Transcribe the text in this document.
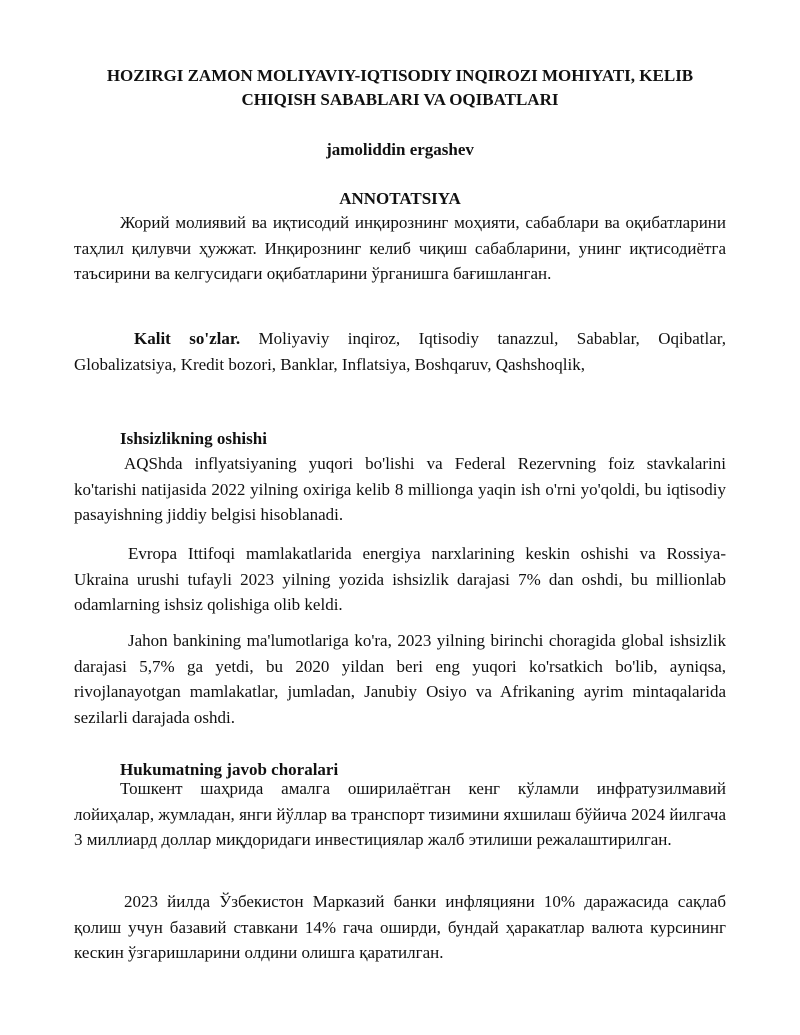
HOZIRGI ZAMON MOLIYAVIY-IQTISODIY INQIROZI MOHIYATI, KELIB CHIQISH SABABLARI VA OQIBATLARI

jamoliddin ergashev

ANNOTATSIYA

Жорий молиявий ва иқтисодий инқирознинг моҳияти, сабаблари ва оқибатларини таҳлил қилувчи ҳужжат. Инқирознинг келиб чиқиш сабабларини, унинг иқтисодиётга таъсирини ва келгусидаги оқибатларини ўрганишга бағишланган.

Kalit so'zlar. Moliyaviy inqiroz, Iqtisodiy tanazzul, Sabablar, Oqibatlar, Globalizatsiya, Kredit bozori, Banklar, Inflatsiya, Boshqaruv, Qashshoqlik,

Ishsizlikning oshishi

AQShda inflyatsiyaning yuqori bo'lishi va Federal Rezervning foiz stavkalarini ko'tarishi natijasida 2022 yilning oxiriga kelib 8 millionga yaqin ish o'rni yo'qoldi, bu iqtisodiy pasayishning jiddiy belgisi hisoblanadi.

Evropa Ittifoqi mamlakatlarida energiya narxlarining keskin oshishi va Rossiya-Ukraina urushi tufayli 2023 yilning yozida ishsizlik darajasi 7% dan oshdi, bu millionlab odamlarning ishsiz qolishiga olib keldi.

Jahon bankining ma'lumotlariga ko'ra, 2023 yilning birinchi choragida global ishsizlik darajasi 5,7% ga yetdi, bu 2020 yildan beri eng yuqori ko'rsatkich bo'lib, ayniqsa, rivojlanayotgan mamlakatlar, jumladan, Janubiy Osiyo va Afrikaning ayrim mintaqalarida sezilarli darajada oshdi.

Hukumatning javob choralari

Тошкент шаҳрида амалга оширилаётган кенг кўламли инфратузилмавий лойиҳалар, жумладан, янги йўллар ва транспорт тизимини яхшилаш бўйича 2024 йилгача 3 миллиард доллар миқдоридаги инвестициялар жалб этилиши режалаштирилган.

2023 йилда Ўзбекистон Марказий банки инфляцияни 10% даражасида сақлаб қолиш учун базавий ставкани 14% гача оширди, бундай ҳаракатлар валюта курсининг кескин ўзгаришларини олдини олишга қаратилган.
